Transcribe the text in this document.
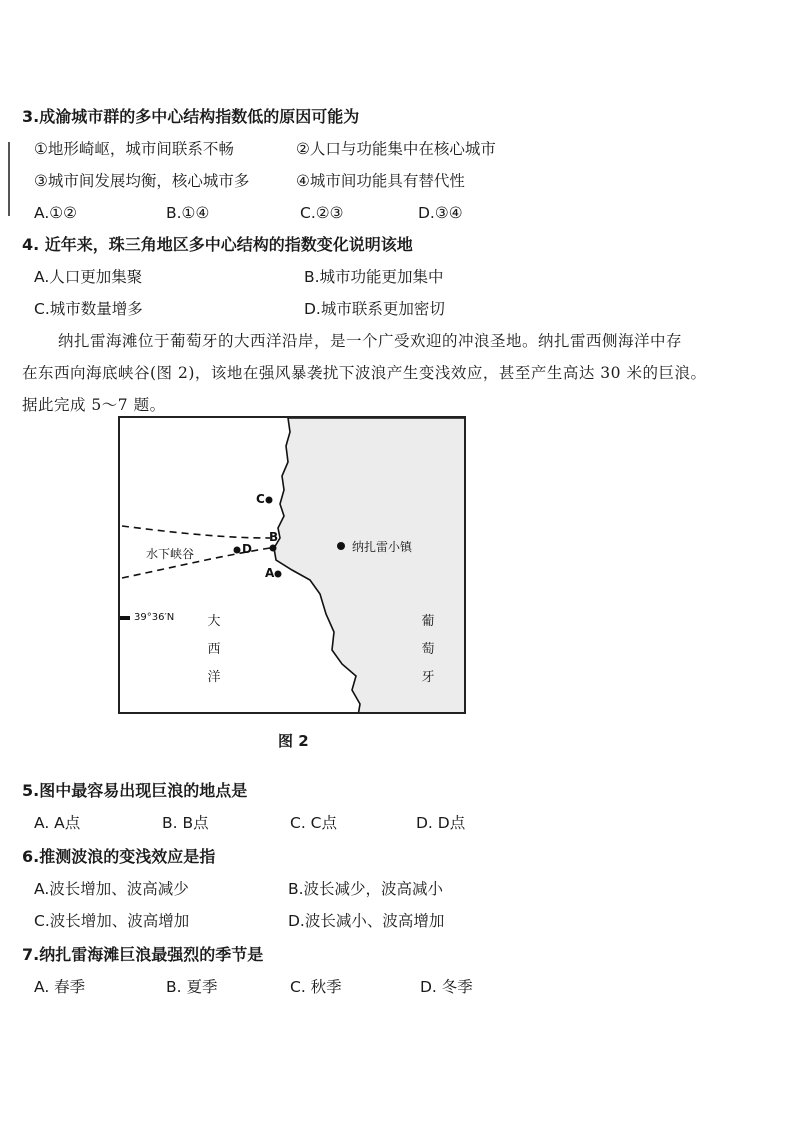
3.成渝城市群的多中心结构指数低的原因可能为
①地形崎岖，城市间联系不畅	②人口与功能集中在核心城市
③城市间发展均衡，核心城市多	④城市间功能具有替代性
A.①②	B.①④	C.②③	D.③④
4. 近年来，珠三角地区多中心结构的指数变化说明该地
A.人口更加集聚	B.城市功能更加集中
C.城市数量增多	D.城市联系更加密切
纳扎雷海滩位于葡萄牙的大西洋沿岸，是一个广受欢迎的冲浪圣地。纳扎雷西侧海洋中存
在东西向海底峡谷(图 2)，该地在强风暴袭扰下波浪产生变浅效应，甚至产生高达 30 米的巨浪。
据此完成 5～7 题。
C
B
D
A
水下峡谷	纳扎雷小镇
39°36′N	大
西
洋
葡
萄
牙
图 2
5.图中最容易出现巨浪的地点是
A. A点	B. B点	C. C点	D. D点
6.推测波浪的变浅效应是指
A.波长增加、波高减少	B.波长减少，波高减小
C.波长增加、波高增加	D.波长减小、波高增加
7.纳扎雷海滩巨浪最强烈的季节是
A. 春季	B. 夏季	C. 秋季	D. 冬季
